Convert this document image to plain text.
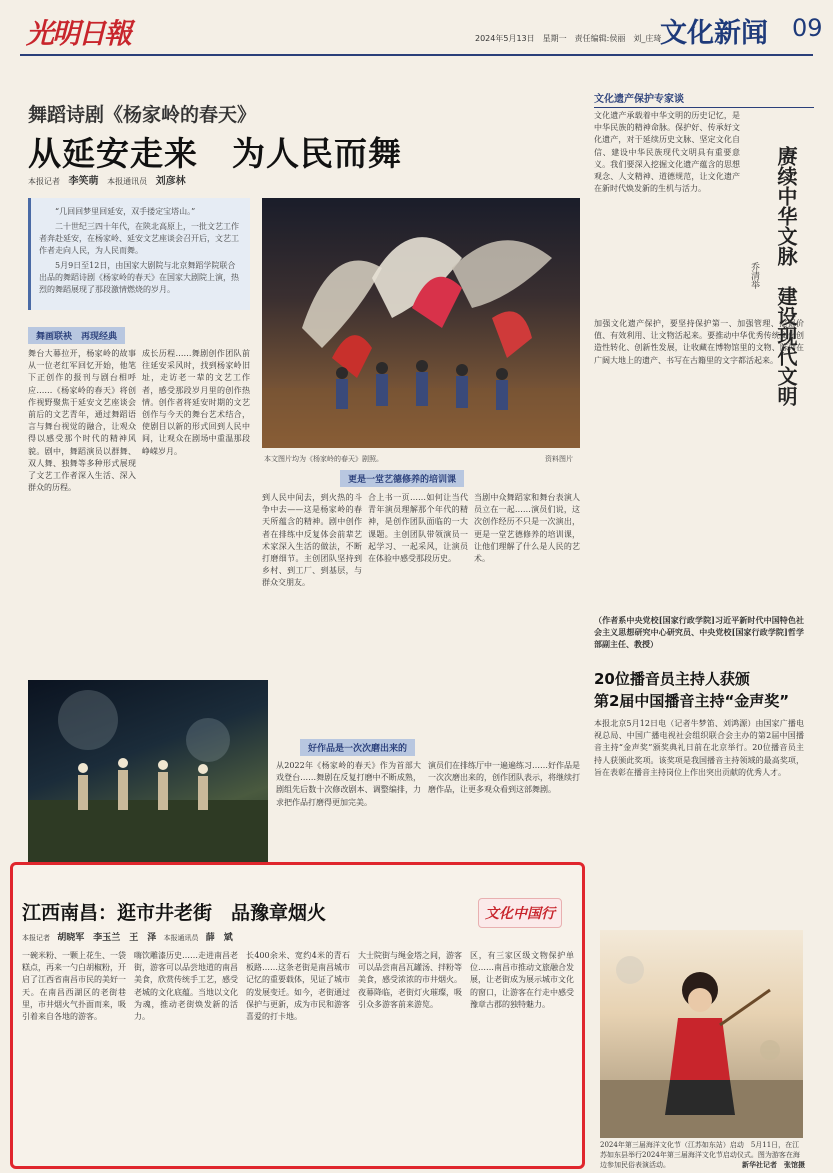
光明日報	2024年5月13日　星期一　责任编辑:侯丽　刘_庄琦
文化新闻 09
舞蹈诗剧《杨家岭的春天》
从延安走来　为人民而舞
本报记者 李笑萌 本报通讯员 刘彦林

“几回回梦里回延安，双手搂定宝塔山。”

二十世纪三四十年代，在陕北高原上，一批文艺工作者奔赴延安，在杨家岭、延安文艺座谈会召开后，文艺工作者走向人民，为人民而舞。

5月9日至12日，由国家大剧院与北京舞蹈学院联合出品的舞蹈诗剧《杨家岭的春天》在国家大剧院上演，热烈的舞蹈展现了那段激情燃烧的岁月。

舞画联袂　再现经典
舞台大幕拉开，杨家岭的故事从一位老红军回忆开始，他笔下正创作的报刊与剧台相呼应……《杨家岭的春天》将创作视野聚焦于延安文艺座谈会前后的文艺青年，通过舞蹈语言与舞台视觉的融合，让观众得以感受那个时代的精神风貌。剧中，舞蹈演员以群舞、双人舞、独舞等多种形式展现了文艺工作者深入生活、深入群众的历程。
成长历程……舞剧创作团队前往延安采风时，找到杨家岭旧址，走访老一辈的文艺工作者，感受那段岁月里的创作热情。创作者将延安时期的文艺创作与今天的舞台艺术结合，使剧目以新的形式回到人民中间，让观众在剧场中重温那段峥嵘岁月。
本文图片均为《杨家岭的春天》剧照。	资料图片
更是一堂艺德修养的培训课
到人民中间去，到火热的斗争中去——这是杨家岭的春天所蕴含的精神。剧中创作者在排练中反复体会前辈艺术家深入生活的做法，不断打磨细节。主创团队坚持到乡村、到工厂、到基层，与群众交朋友。
合上书一页……如何让当代青年演员理解那个年代的精神，是创作团队面临的一大课题。主创团队带领演员一起学习、一起采风，让演员在体验中感受那段历史。
当剧中众舞蹈家和舞台表演人员立在一起……演员们说，这次创作经历不只是一次演出，更是一堂艺德修养的培训课，让他们理解了什么是人民的艺术。
好作品是一次次磨出来的
从2022年《杨家岭的春天》作为首部大戏登台……舞剧在反复打磨中不断成熟，剧组先后数十次修改剧本、调整编排，力求把作品打磨得更加完美。
演员们在排练厅中一遍遍练习……好作品是一次次磨出来的，创作团队表示，将继续打磨作品，让更多观众看到这部舞剧。
文化遗产保护专家谈
赓续中华文脉　建设现代文明
乔清举
文化遗产承载着中华文明的历史记忆，是中华民族的精神命脉。保护好、传承好文化遗产，对于延续历史文脉、坚定文化自信、建设中华民族现代文明具有重要意义。我们要深入挖掘文化遗产蕴含的思想观念、人文精神、道德规范，让文化遗产在新时代焕发新的生机与活力。
加强文化遗产保护，要坚持保护第一、加强管理、挖掘价值、有效利用、让文物活起来。要推动中华优秀传统文化创造性转化、创新性发展，让收藏在博物馆里的文物、陈列在广阔大地上的遗产、书写在古籍里的文字都活起来。
（作者系中央党校[国家行政学院]习近平新时代中国特色社会主义思想研究中心研究员、中央党校[国家行政学院]哲学部副主任、教授）
20位播音员主持人获颁
第2届中国播音主持“金声奖”
本报北京5月12日电（记者牛梦笛、刘鸿源）由国家广播电视总局、中国广播电视社会组织联合会主办的第2届中国播音主持“金声奖”颁奖典礼日前在北京举行。20位播音员主持人获颁此奖项。该奖项是我国播音主持领域的最高奖项，旨在表彰在播音主持岗位上作出突出贡献的优秀人才。
2024年第三届海洋文化节（江苏如东站）启动　5月11日，在江苏如东县举行2024年第三届海洋文化节启动仪式。图为游客在海边参加民俗表演活动。	新华社记者　张馆摄
江西南昌：逛市井老街　品豫章烟火
本报记者 胡晓军　李玉兰　王　泽 本报通讯员 薛　斌
文化中国行
一碗米粉、一颗上花生、一袋糕点，再来一勺白胡椒粉，开启了江西省南昌市民的美好一天。在南昌西湖区的老街巷里，市井烟火气扑面而来，吸引着来自各地的游客。
嗨饮雕漆历史……走进南昌老街，游客可以品尝地道的南昌美食，欣赏传统手工艺，感受老城的文化底蕴。当地以文化为魂，推动老街焕发新的活力。
长400余米、宽约4米的青石板路……这条老街是南昌城市记忆的重要载体，见证了城市的发展变迁。如今，老街通过保护与更新，成为市民和游客喜爱的打卡地。
大士院街与绳金塔之间，游客可以品尝南昌瓦罐汤、拌粉等美食，感受浓浓的市井烟火。夜幕降临，老街灯火璀璨，吸引众多游客前来游览。
区，有三家区级文物保护单位……南昌市推动文旅融合发展，让老街成为展示城市文化的窗口，让游客在行走中感受豫章古郡的独特魅力。
